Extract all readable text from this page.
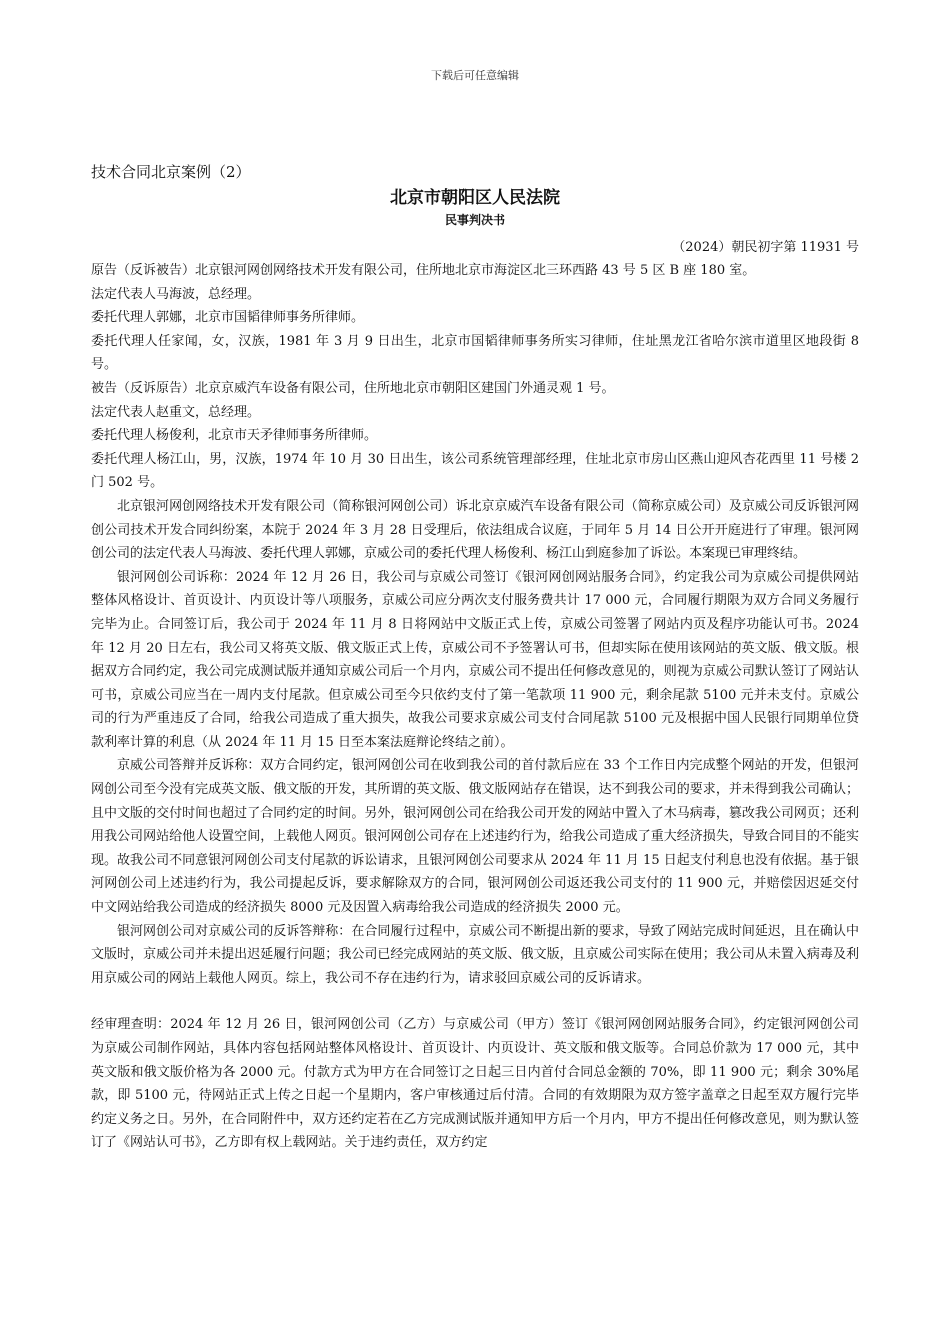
下载后可任意编辑
技术合同北京案例（2）
北京市朝阳区人民法院
民事判决书
（2024）朝民初字第 11931 号

原告（反诉被告）北京银河网创网络技术开发有限公司，住所地北京市海淀区北三环西路 43 号 5 区 B 座 180 室。

法定代表人马海波，总经理。

委托代理人郭娜，北京市国韬律师事务所律师。

委托代理人任家闻，女，汉族，1981 年 3 月 9 日出生，北京市国韬律师事务所实习律师，住址黑龙江省哈尔滨市道里区地段街 8 号。

被告（反诉原告）北京京威汽车设备有限公司，住所地北京市朝阳区建国门外通灵观 1 号。

法定代表人赵重文，总经理。

委托代理人杨俊利，北京市天矛律师事务所律师。

委托代理人杨江山，男，汉族，1974 年 10 月 30 日出生，该公司系统管理部经理，住址北京市房山区燕山迎风杏花西里 11 号楼 2 门 502 号。

北京银河网创网络技术开发有限公司（简称银河网创公司）诉北京京威汽车设备有限公司（简称京威公司）及京威公司反诉银河网创公司技术开发合同纠纷案，本院于 2024 年 3 月 28 日受理后，依法组成合议庭，于同年 5 月 14 日公开开庭进行了审理。银河网创公司的法定代表人马海波、委托代理人郭娜，京威公司的委托代理人杨俊利、杨江山到庭参加了诉讼。本案现已审理终结。

银河网创公司诉称：2024 年 12 月 26 日，我公司与京威公司签订《银河网创网站服务合同》，约定我公司为京威公司提供网站整体风格设计、首页设计、内页设计等八项服务，京威公司应分两次支付服务费共计 17 000 元，合同履行期限为双方合同义务履行完毕为止。合同签订后，我公司于 2024 年 11 月 8 日将网站中文版正式上传，京威公司签署了网站内页及程序功能认可书。2024 年 12 月 20 日左右，我公司又将英文版、俄文版正式上传，京威公司不予签署认可书，但却实际在使用该网站的英文版、俄文版。根据双方合同约定，我公司完成测试版并通知京威公司后一个月内，京威公司不提出任何修改意见的，则视为京威公司默认签订了网站认可书，京威公司应当在一周内支付尾款。但京威公司至今只依约支付了第一笔款项 11 900 元，剩余尾款 5100 元并未支付。京威公司的行为严重违反了合同，给我公司造成了重大损失，故我公司要求京威公司支付合同尾款 5100 元及根据中国人民银行同期单位贷款利率计算的利息（从 2024 年 11 月 15 日至本案法庭辩论终结之前）。

京威公司答辩并反诉称：双方合同约定，银河网创公司在收到我公司的首付款后应在 33 个工作日内完成整个网站的开发，但银河网创公司至今没有完成英文版、俄文版的开发，其所谓的英文版、俄文版网站存在错误，达不到我公司的要求，并未得到我公司确认；且中文版的交付时间也超过了合同约定的时间。另外，银河网创公司在给我公司开发的网站中置入了木马病毒，篡改我公司网页；还利用我公司网站给他人设置空间，上载他人网页。银河网创公司存在上述违约行为，给我公司造成了重大经济损失，导致合同目的不能实现。故我公司不同意银河网创公司支付尾款的诉讼请求，且银河网创公司要求从 2024 年 11 月 15 日起支付利息也没有依据。基于银河网创公司上述违约行为，我公司提起反诉，要求解除双方的合同，银河网创公司返还我公司支付的 11 900 元，并赔偿因迟延交付中文网站给我公司造成的经济损失 8000 元及因置入病毒给我公司造成的经济损失 2000 元。

银河网创公司对京威公司的反诉答辩称：在合同履行过程中，京威公司不断提出新的要求，导致了网站完成时间延迟，且在确认中文版时，京威公司并未提出迟延履行问题；我公司已经完成网站的英文版、俄文版，且京威公司实际在使用；我公司从未置入病毒及利用京威公司的网站上载他人网页。综上，我公司不存在违约行为，请求驳回京威公司的反诉请求。

经审理查明：2024 年 12 月 26 日，银河网创公司（乙方）与京威公司（甲方）签订《银河网创网站服务合同》，约定银河网创公司为京威公司制作网站，具体内容包括网站整体风格设计、首页设计、内页设计、英文版和俄文版等。合同总价款为 17 000 元，其中英文版和俄文版价格为各 2000 元。付款方式为甲方在合同签订之日起三日内首付合同总金额的 70%，即 11 900 元；剩余 30%尾款，即 5100 元，待网站正式上传之日起一个星期内，客户审核通过后付清。合同的有效期限为双方签字盖章之日起至双方履行完毕约定义务之日。另外，在合同附件中，双方还约定若在乙方完成测试版并通知甲方后一个月内，甲方不提出任何修改意见，则为默认签订了《网站认可书》，乙方即有权上载网站。关于违约责任，双方约定
